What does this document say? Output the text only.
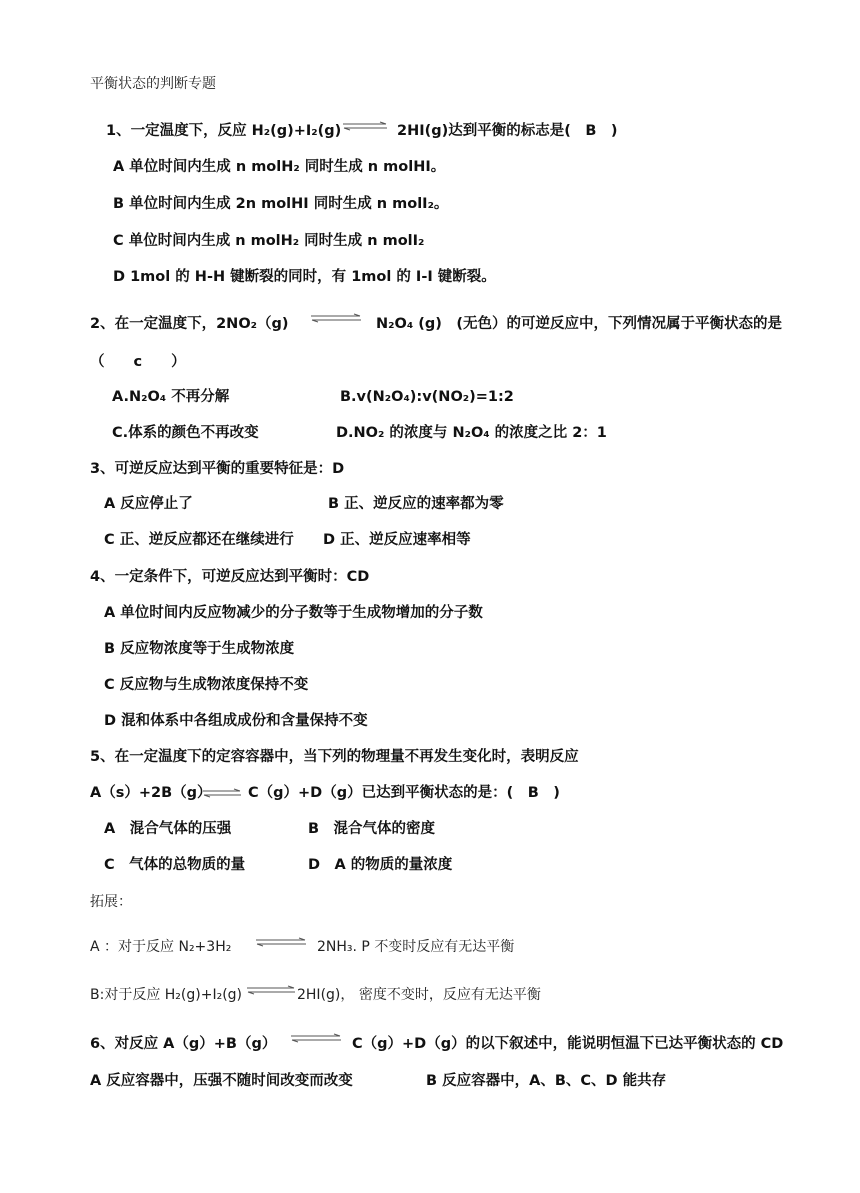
平衡状态的判断专题
1、一定温度下，反应 H₂(g)+I₂(g) ⇌ 2HI(g)达到平衡的标志是(　B　)
A 单位时间内生成 n molH₂ 同时生成 n molHI。
B 单位时间内生成 2n molHI 同时生成 n molI₂。
C 单位时间内生成 n molH₂ 同时生成 n molI₂
D 1mol 的 H-H 键断裂的同时，有 1mol 的 I-I 键断裂。
2、在一定温度下，2NO₂（g) ⇌ N₂O₄ (g)　(无色）的可逆反应中，下列情况属于平衡状态的是
（　　c　　）
A.N₂O₄ 不再分解	B.v(N₂O₄):v(NO₂)=1:2
C.体系的颜色不再改变	D.NO₂ 的浓度与 N₂O₄ 的浓度之比 2：1
3、可逆反应达到平衡的重要特征是：D
A 反应停止了	B 正、逆反应的速率都为零
C 正、逆反应都还在继续进行 D 正、逆反应速率相等
4、一定条件下，可逆反应达到平衡时：CD
A 单位时间内反应物减少的分子数等于生成物增加的分子数
B 反应物浓度等于生成物浓度
C 反应物与生成物浓度保持不变
D 混和体系中各组成成份和含量保持不变
5、在一定温度下的定容容器中，当下列的物理量不再发生变化时，表明反应
A（s）+2B（g） ⇌ C（g）+D（g）已达到平衡状态的是：(　B　)
A　混合气体的压强	B　混合气体的密度
C　气体的总物质的量	D　A 的物质的量浓度
拓展：
A ：对于反应 N₂+3H₂ ⇌ 2NH₃. P 不变时反应有无达平衡
B:对于反应 H₂(g)+I₂(g) ⇌ 2HI(g)， 密度不变时，反应有无达平衡
6、对反应 A（g）+B（g） ⇌ C（g）+D（g）的以下叙述中，能说明恒温下已达平衡状态的 CD
A 反应容器中，压强不随时间改变而改变	B 反应容器中，A、B、C、D 能共存
